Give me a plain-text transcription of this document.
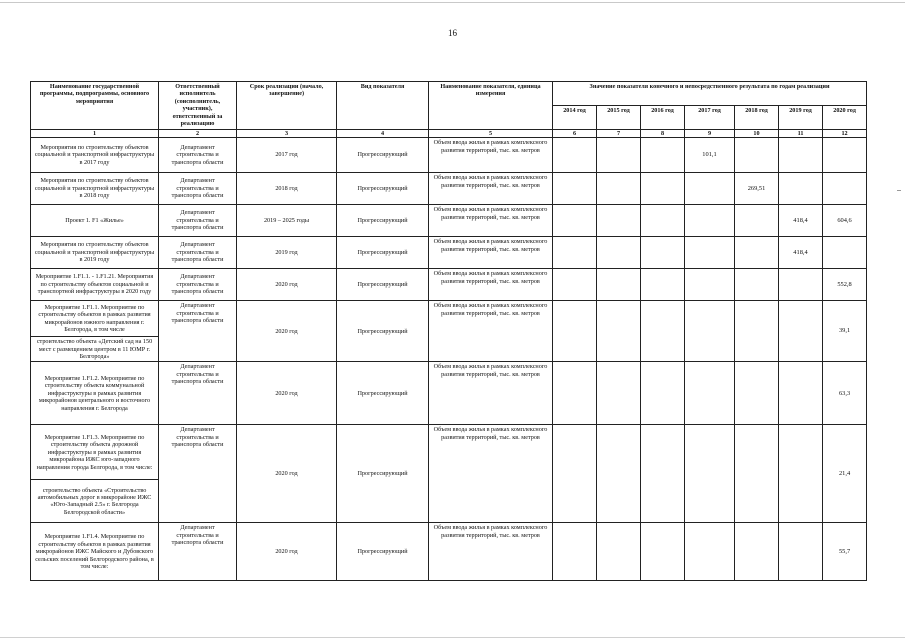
16
Наименование государственной программы, подпрограммы, основного мероприятия	Ответственный исполнитель (соисполнитель, участник), ответственный за реализацию	Срок реализации (начало, завершение)	Вид показателя	Наименование показателя, единица измерения	Значение показателя конечного и непосредственного результата по годам реализации						
					2014 год	2015 год	2016 год	2017 год	2018 год	2019 год	2020 год
1	2	3	4	5	6	7	8	9	10	11	12
Мероприятия по строительству объектов социальной и транспортной инфраструктуры в 2017 году	Департамент строительства и транспорта области	2017 год	Прогрессирующий	Объем ввода жилья в рамках комплексного развития территорий, тыс. кв. метров				101,1			
Мероприятия по строительству объектов социальной и транспортной инфраструктуры в 2018 году	Департамент строительства и транспорта области	2018 год	Прогрессирующий	Объем ввода жилья в рамках комплексного развития территорий, тыс. кв. метров					269,51		
Проект 1. F1 «Жилье»	Департамент строительства и транспорта области	2019 – 2025 годы	Прогрессирующий	Объем ввода жилья в рамках комплексного развития территорий, тыс. кв. метров						418,4	604,6
Мероприятия по строительству объектов социальной и транспортной инфраструктуры в 2019 году	Департамент строительства и транспорта области	2019 год	Прогрессирующий	Объем ввода жилья в рамках комплексного развития территорий, тыс. кв. метров						418,4	
Мероприятие 1.F1.1. - 1.F1.21. Мероприятия по строительству объектов социальной и транспортной инфраструктуры в 2020 году	Департамент строительства и транспорта области	2020 год	Прогрессирующий	Объем ввода жилья в рамках комплексного развития территорий, тыс. кв. метров							552,8
Мероприятие 1.F1.1. Мероприятие по строительству объектов в рамках развития микрорайонов южного направления г. Белгорода, в том числе	Департамент строительства и транспорта области	2020 год	Прогрессирующий	Объем ввода жилья в рамках комплексного развития территорий, тыс. кв. метров							39,1
строительство объекта «Детский сад на 150 мест с размещением центром в 11 ЮМР г. Белгорода»											
Мероприятие 1.F1.2. Мероприятие по строительству объекта коммунальной инфраструктуры в рамках развития микрорайонов центрального и восточного направления г. Белгорода	Департамент строительства и транспорта области	2020 год	Прогрессирующий	Объем ввода жилья в рамках комплексного развития территорий, тыс. кв. метров							63,3
Мероприятие 1.F1.3. Мероприятие по строительству объекта дорожной инфраструктуры в рамках развития микрорайона ИЖС юго-западного направления города Белгорода, в том числе:	Департамент строительства и транспорта области	2020 год	Прогрессирующий	Объем ввода жилья в рамках комплексного развития территорий, тыс. кв. метров							21,4
строительство объекта «Строительство автомобильных дорог в микрорайоне ИЖС «Юго-Западный 2.5» г. Белгорода Белгородской области»											
Мероприятие 1.F1.4. Мероприятие по строительству объектов в рамках развития микрорайонов ИЖС Майского и Дубовского сельских поселений Белгородского района, в том числе:	Департамент строительства и транспорта области	2020 год	Прогрессирующий	Объем ввода жилья в рамках комплексного развития территорий, тыс. кв. метров							55,7
